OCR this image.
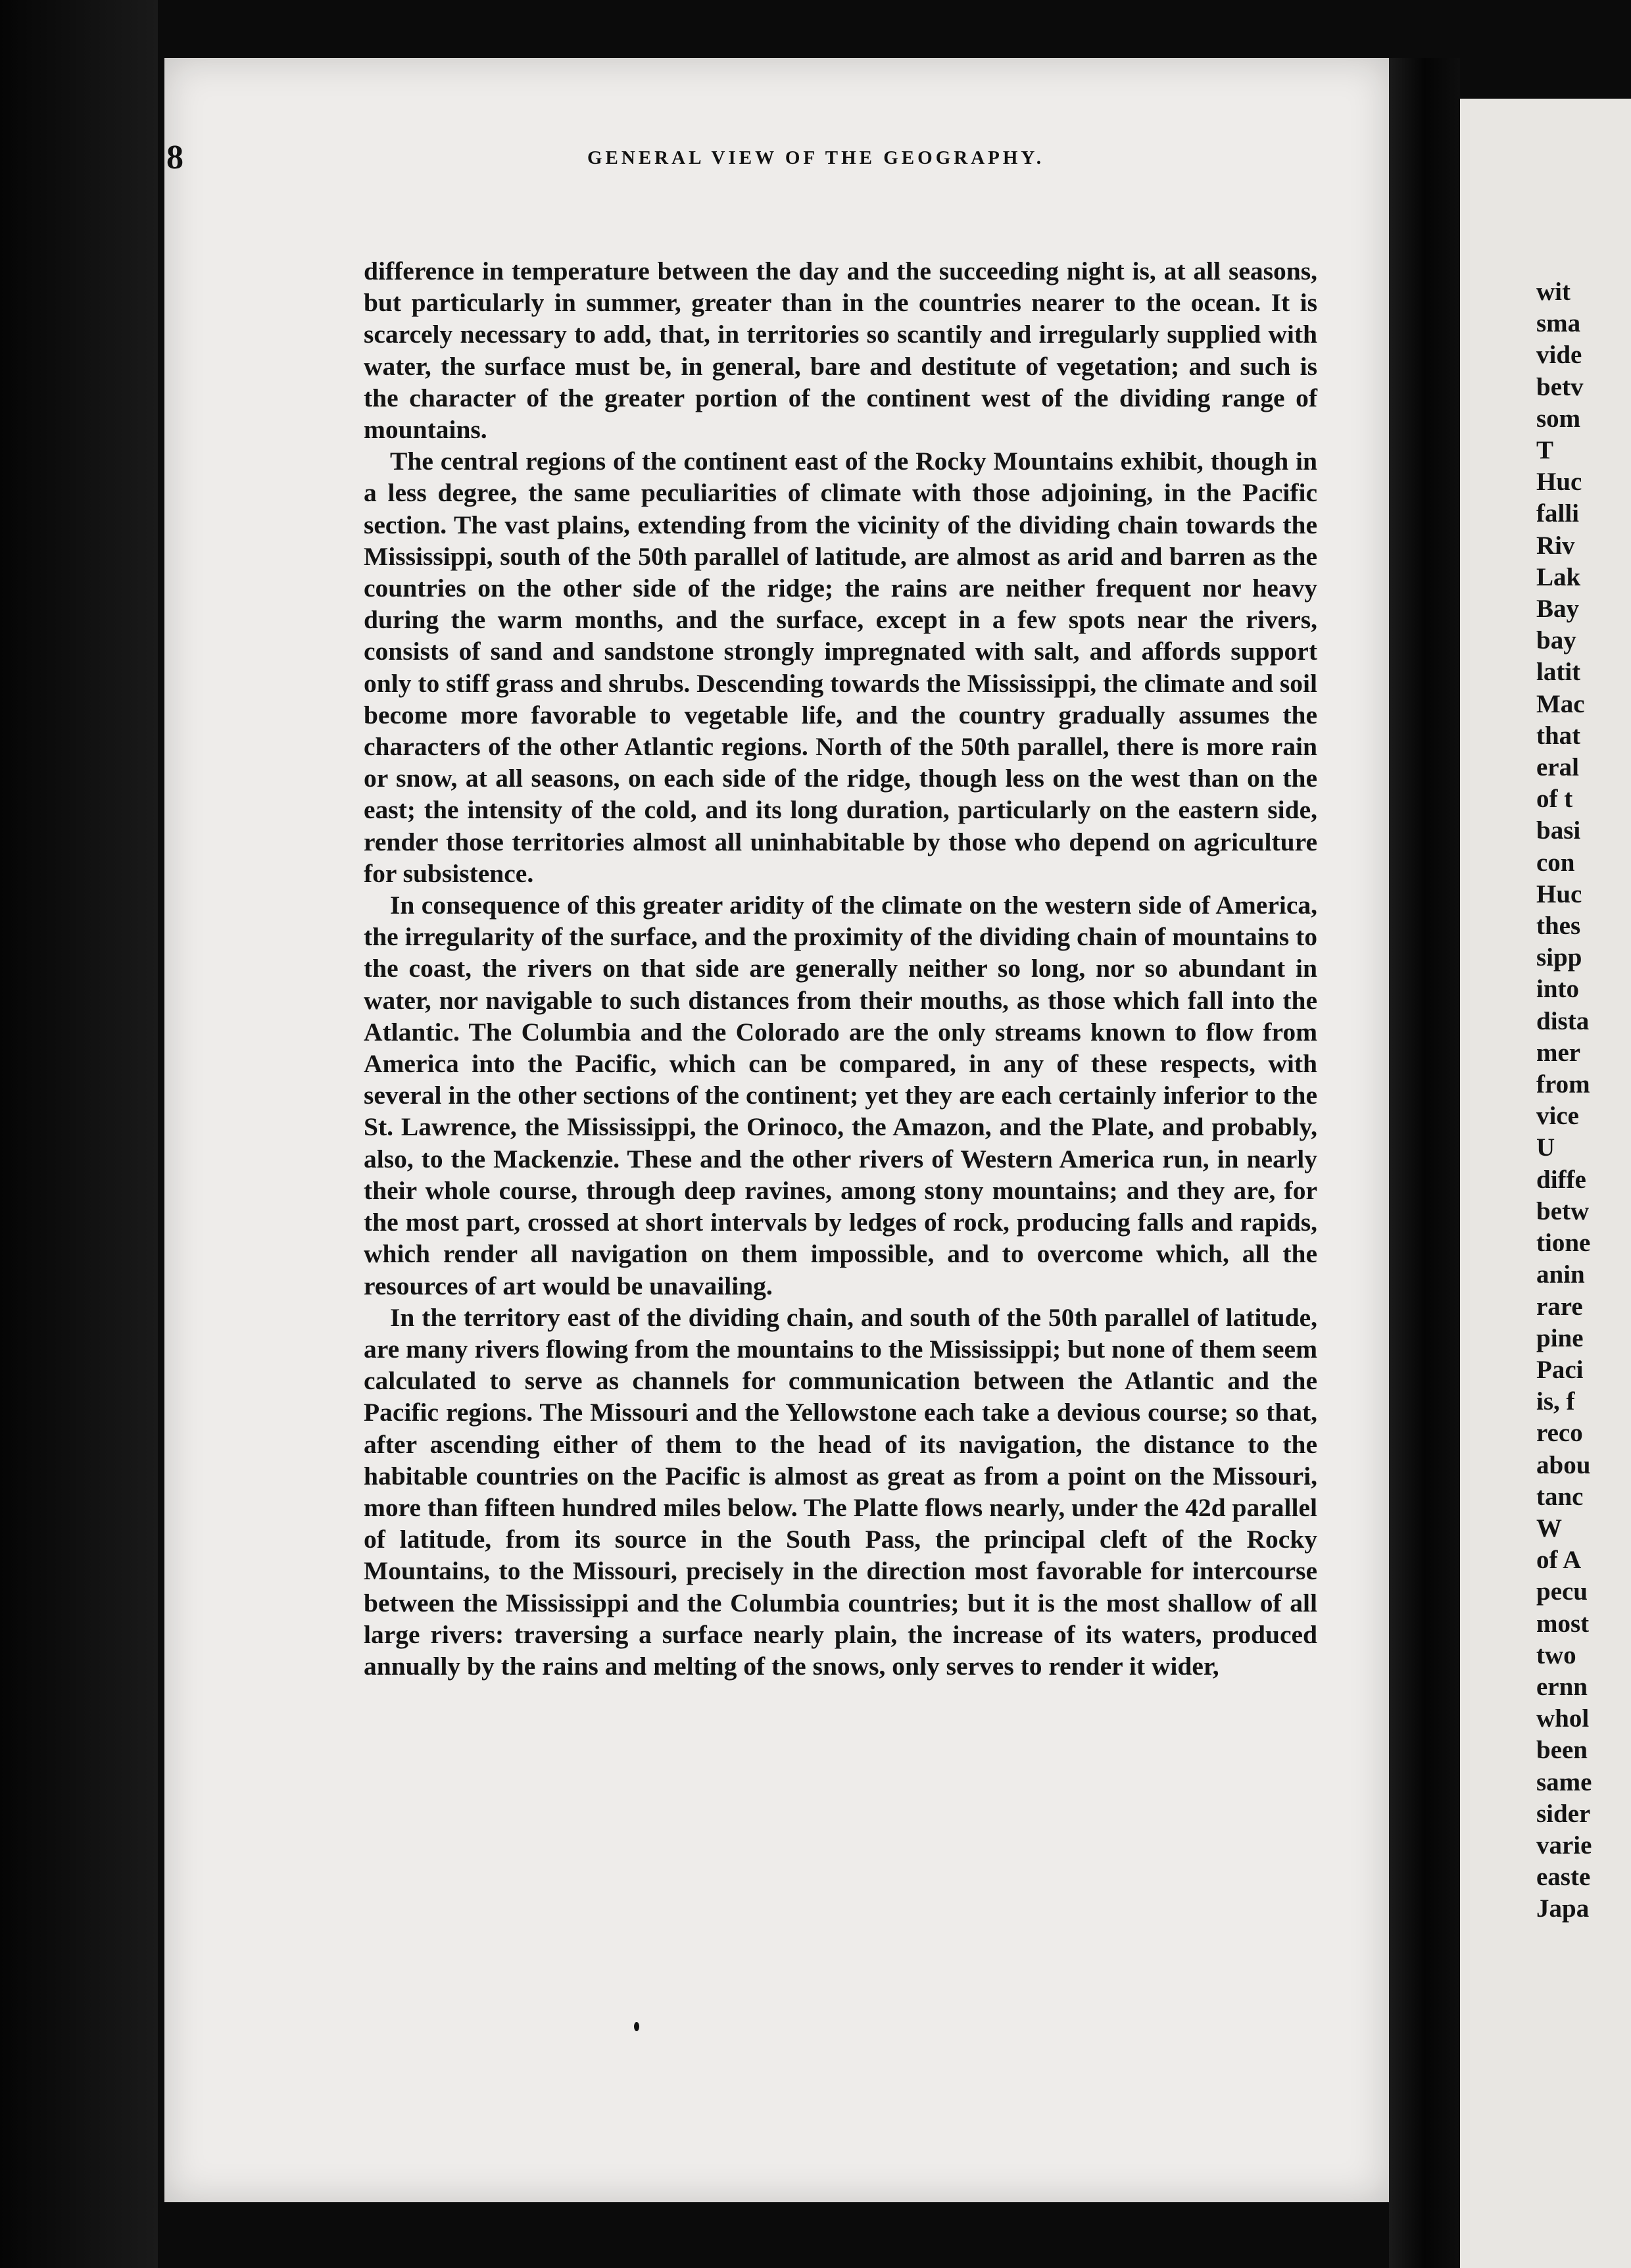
8	GENERAL VIEW OF THE GEOGRAPHY.

difference in temperature between the day and the succeeding night is, at all seasons, but particularly in summer, greater than in the countries nearer to the ocean. It is scarcely necessary to add, that, in territories so scantily and irregularly supplied with water, the surface must be, in general, bare and destitute of vegetation; and such is the character of the greater portion of the continent west of the dividing range of mountains.

The central regions of the continent east of the Rocky Mountains exhibit, though in a less degree, the same peculiarities of climate with those adjoining, in the Pacific section. The vast plains, extending from the vicinity of the dividing chain towards the Mississippi, south of the 50th parallel of latitude, are almost as arid and barren as the countries on the other side of the ridge; the rains are neither frequent nor heavy during the warm months, and the surface, except in a few spots near the rivers, consists of sand and sandstone strongly impregnated with salt, and affords support only to stiff grass and shrubs. Descending towards the Mississippi, the climate and soil become more favorable to vegetable life, and the country gradually assumes the characters of the other Atlantic regions. North of the 50th parallel, there is more rain or snow, at all seasons, on each side of the ridge, though less on the west than on the east; the intensity of the cold, and its long duration, particularly on the eastern side, render those territories almost all uninhabitable by those who depend on agriculture for subsistence.

In consequence of this greater aridity of the climate on the western side of America, the irregularity of the surface, and the proximity of the dividing chain of mountains to the coast, the rivers on that side are generally neither so long, nor so abundant in water, nor navigable to such distances from their mouths, as those which fall into the Atlantic. The Columbia and the Colorado are the only streams known to flow from America into the Pacific, which can be compared, in any of these respects, with several in the other sections of the continent; yet they are each certainly inferior to the St. Lawrence, the Mississippi, the Orinoco, the Amazon, and the Plate, and probably, also, to the Mackenzie. These and the other rivers of Western America run, in nearly their whole course, through deep ravines, among stony mountains; and they are, for the most part, crossed at short intervals by ledges of rock, producing falls and rapids, which render all navigation on them impossible, and to overcome which, all the resources of art would be unavailing.

In the territory east of the dividing chain, and south of the 50th parallel of latitude, are many rivers flowing from the mountains to the Mississippi; but none of them seem calculated to serve as channels for communication between the Atlantic and the Pacific regions. The Missouri and the Yellowstone each take a devious course; so that, after ascending either of them to the head of its navigation, the distance to the habitable countries on the Pacific is almost as great as from a point on the Missouri, more than fifteen hundred miles below. The Platte flows nearly, under the 42d parallel of latitude, from its source in the South Pass, the principal cleft of the Rocky Mountains, to the Missouri, precisely in the direction most favorable for intercourse between the Mississippi and the Columbia countries; but it is the most shallow of all large rivers: traversing a surface nearly plain, the increase of its waters, produced annually by the rains and melting of the snows, only serves to render it wider,

wit
sma
vide
betv
som
T
Huc
falli
Riv
Lak
Bay
bay
latit
Mac
that
eral
of t
basi
con
Huc
thes
sipp
into
dista
mer
from
vice
U
diffe
betw
tione
anin
rare
pine
Paci
is, f
reco
abou
tanc
W
of A
pecu
most
two
ernn
whol
been
same
sider
varie
easte
Japa
